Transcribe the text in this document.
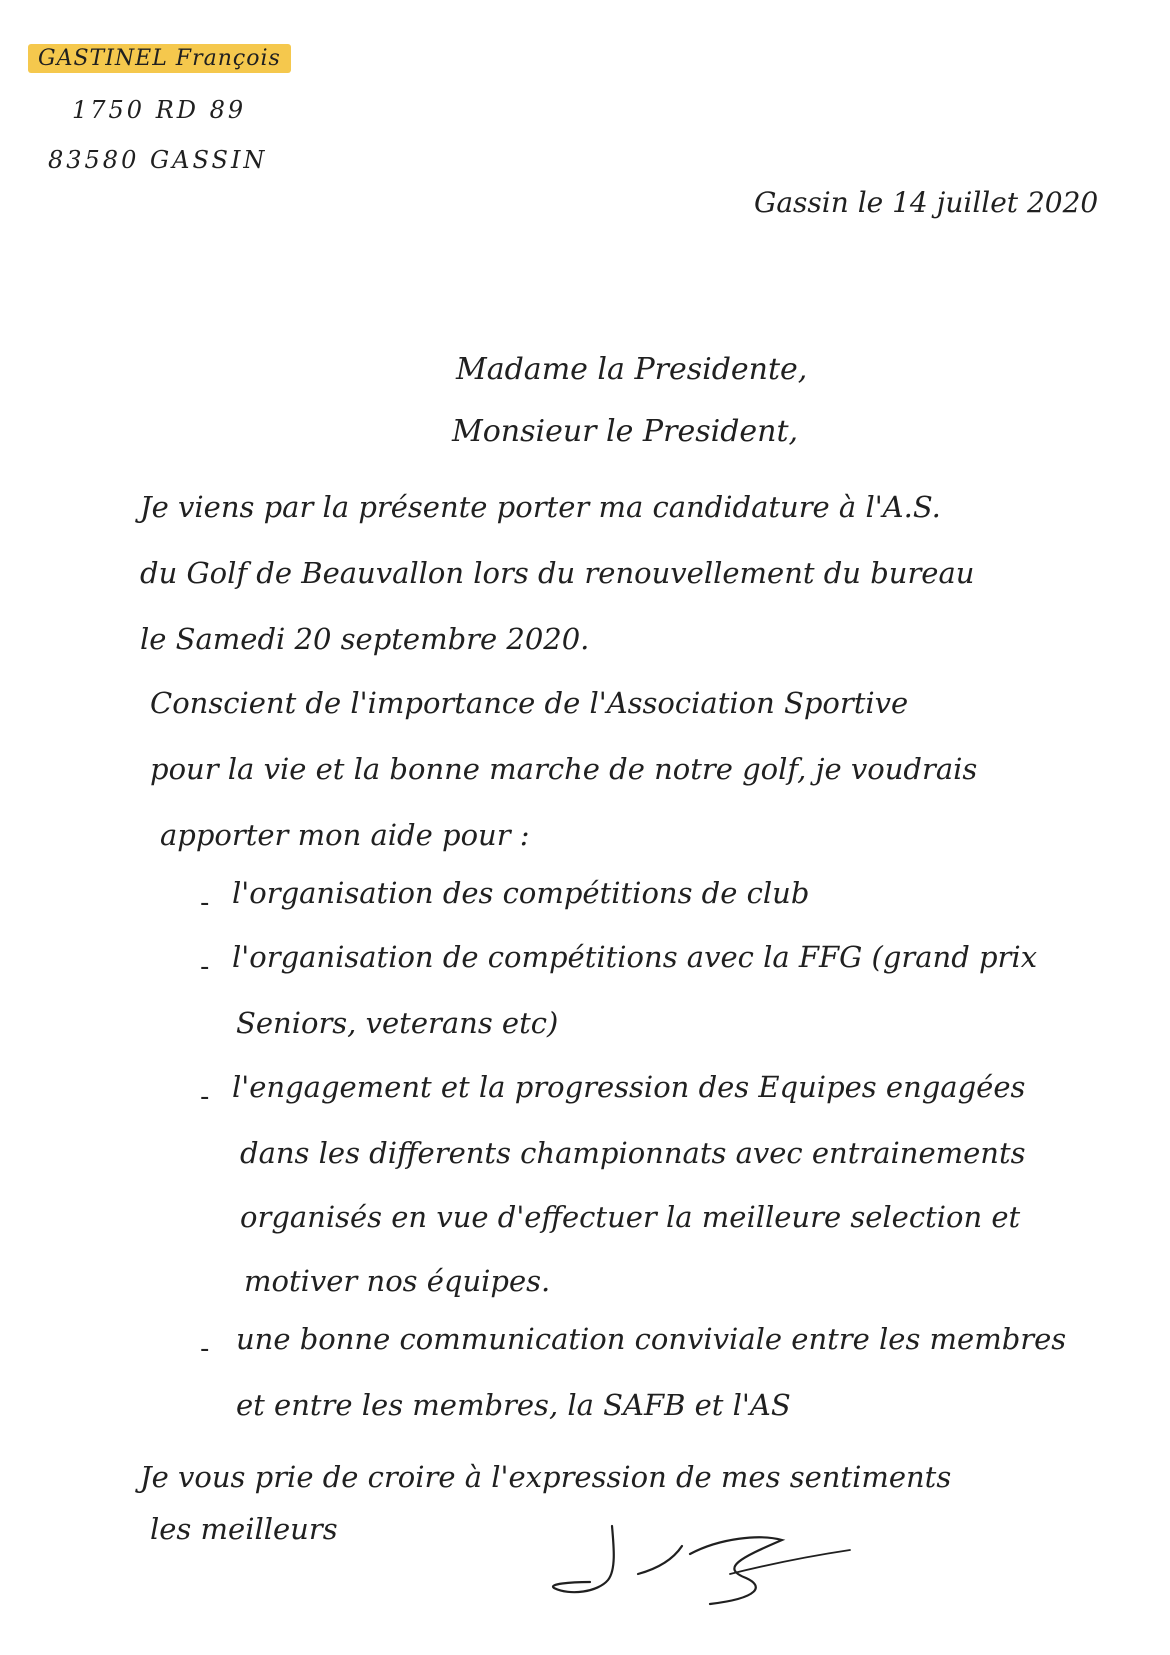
GASTINEL François
1750 RD 89
83580 GASSIN
Gassin le 14 juillet 2020
Madame la Presidente,
Monsieur le President,
Je viens par la présente porter ma candidature à l'A.S.
du Golf de Beauvallon lors du renouvellement du bureau
le Samedi 20 septembre 2020.
Conscient de l'importance de l'Association Sportive
pour la vie et la bonne marche de notre golf, je voudrais
apporter mon aide pour :
- l'organisation des compétitions de club
- l'organisation de compétitions avec la FFG (grand prix
Seniors, veterans etc)
- l'engagement et la progression des Equipes engagées
dans les differents championnats avec entrainements
organisés en vue d'effectuer la meilleure selection et
motiver nos équipes.
- une bonne communication conviviale entre les membres
et entre les membres, la SAFB et l'AS
Je vous prie de croire à l'expression de mes sentiments
les meilleurs
